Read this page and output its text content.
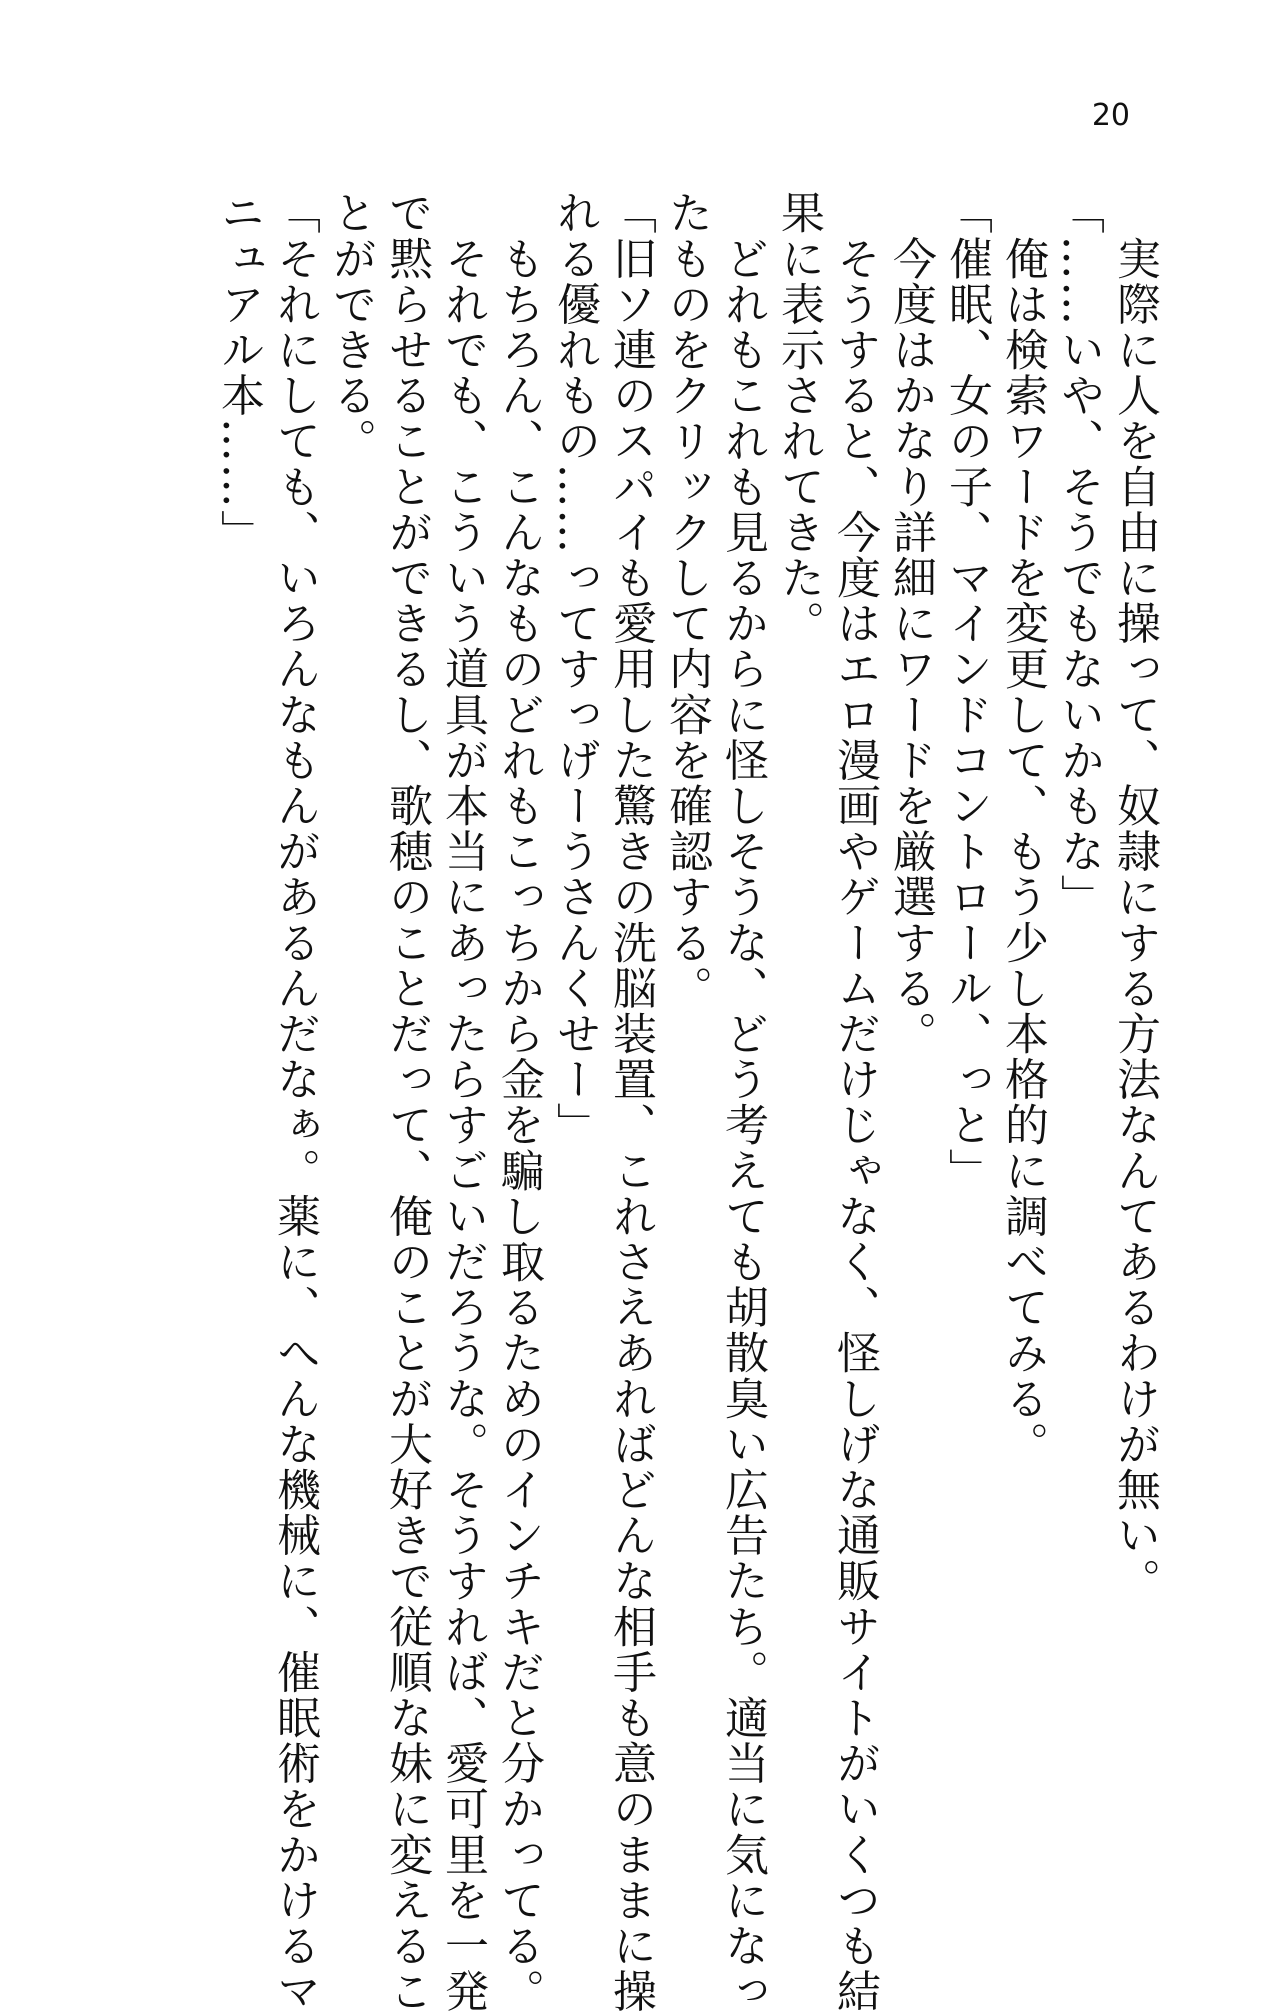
20
　実際に人を自由に操って、奴隷にする方法なんてあるわけが無い。
「……いや、そうでもないかもな」
　俺は検索ワードを変更して、もう少し本格的に調べてみる。
「催眠、女の子、マインドコントロール、っと」
　今度はかなり詳細にワードを厳選する。
　そうすると、今度はエロ漫画やゲームだけじゃなく、怪しげな通販サイトがいくつも結
果に表示されてきた。
　どれもこれも見るからに怪しそうな、どう考えても胡散臭い広告たち。適当に気になっ
たものをクリックして内容を確認する。
「旧ソ連のスパイも愛用した驚きの洗脳装置、これさえあればどんな相手も意のままに操
れる優れもの……ってすっげーうさんくせー」
　もちろん、こんなものどれもこっちから金を騙し取るためのインチキだと分かってる。
　それでも、こういう道具が本当にあったらすごいだろうな。そうすれば、愛可里を一発
で黙らせることができるし、歌穂のことだって、俺のことが大好きで従順な妹に変えるこ
とができる。
「それにしても、いろんなもんがあるんだなぁ。薬に、へんな機械に、催眠術をかけるマ
ニュアル本……」
